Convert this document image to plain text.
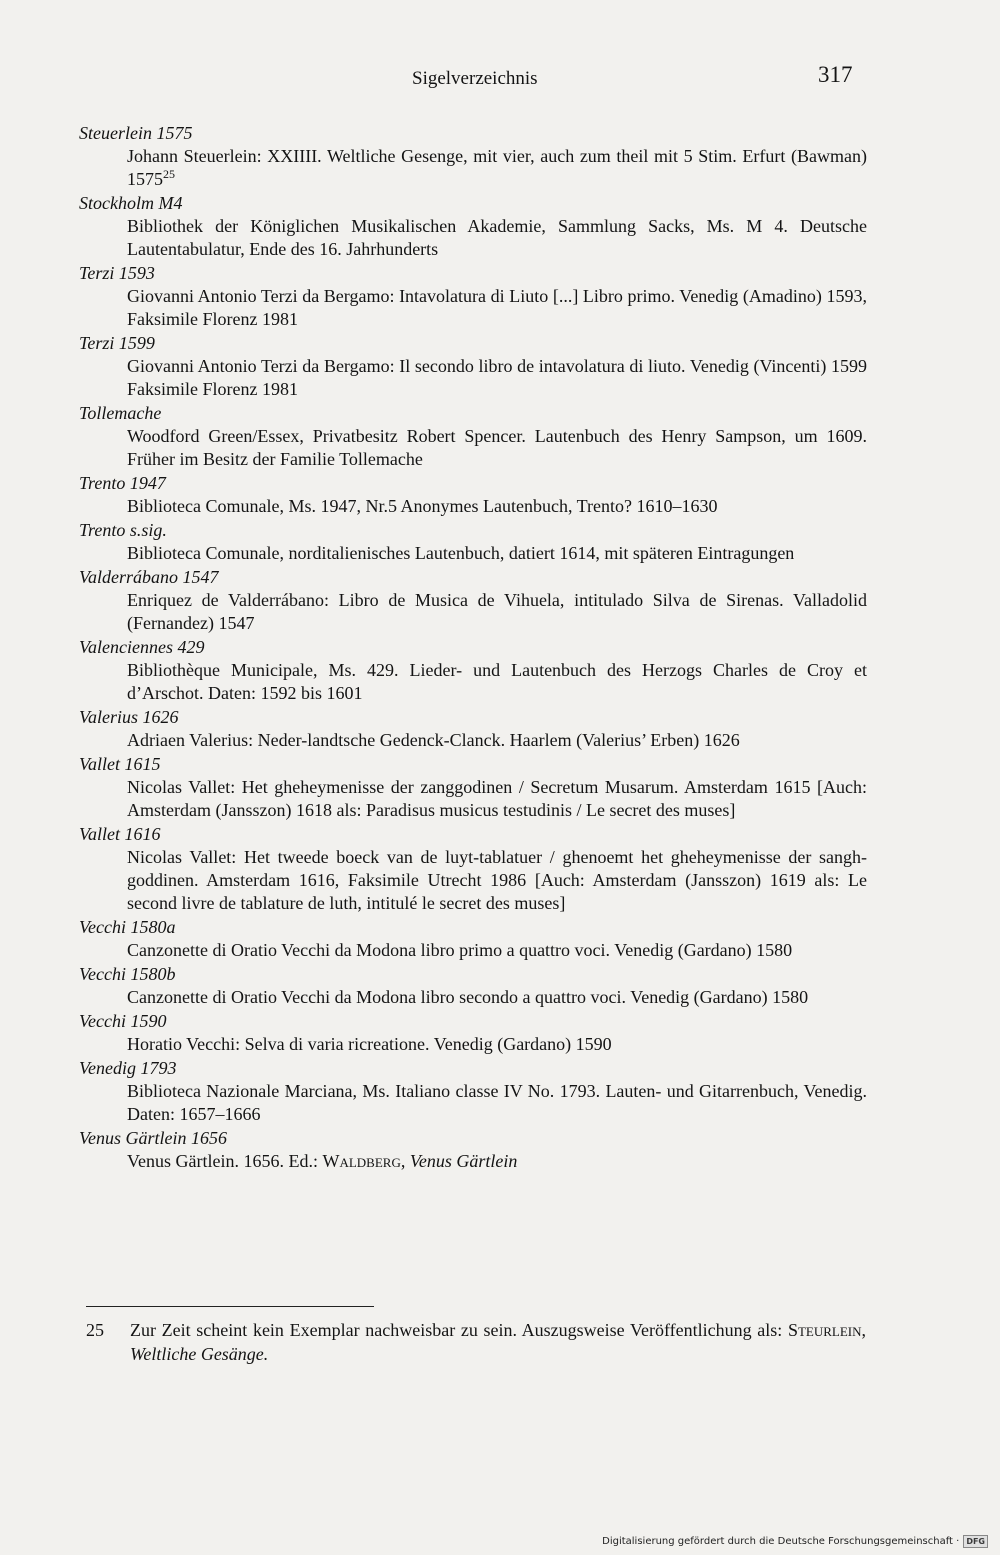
Sigelverzeichnis	317
Steuerlein 1575
Johann Steuerlein: XXIIII. Weltliche Gesenge, mit vier, auch zum theil mit 5 Stim. Erfurt (Bawman) 1575$^{25}$
Stockholm M4
Bibliothek der Königlichen Musikalischen Akademie, Sammlung Sacks, Ms. M 4. Deutsche Lautentabulatur, Ende des 16. Jahrhunderts
Terzi 1593
Giovanni Antonio Terzi da Bergamo: Intavolatura di Liuto [...] Libro primo. Venedig (Amadino) 1593, Faksimile Florenz 1981
Terzi 1599
Giovanni Antonio Terzi da Bergamo: Il secondo libro de intavolatura di liuto. Venedig (Vincenti) 1599 Faksimile Florenz 1981
Tollemache
Woodford Green/Essex, Privatbesitz Robert Spencer. Lautenbuch des Henry Sampson, um 1609. Früher im Besitz der Familie Tollemache
Trento 1947
Biblioteca Comunale, Ms. 1947, Nr.5 Anonymes Lautenbuch, Trento? 1610–1630
Trento s.sig.
Biblioteca Comunale, norditalienisches Lautenbuch, datiert 1614, mit späteren Eintragungen
Valderrábano 1547
Enriquez de Valderrábano: Libro de Musica de Vihuela, intitulado Silva de Sirenas. Valladolid (Fernandez) 1547
Valenciennes 429
Bibliothèque Municipale, Ms. 429. Lieder- und Lautenbuch des Herzogs Charles de Croy et d’Arschot. Daten: 1592 bis 1601
Valerius 1626
Adriaen Valerius: Neder-landtsche Gedenck-Clanck. Haarlem (Valerius’ Erben) 1626
Vallet 1615
Nicolas Vallet: Het gheheymenisse der zanggodinen / Secretum Musarum. Amsterdam 1615 [Auch: Amsterdam (Jansszon) 1618 als: Paradisus musicus testudinis / Le secret des muses]
Vallet 1616
Nicolas Vallet: Het tweede boeck van de luyt-tablatuer / ghenoemt het gheheymenisse der sangh-goddinen. Amsterdam 1616, Faksimile Utrecht 1986 [Auch: Amsterdam (Jansszon) 1619 als: Le second livre de tablature de luth, intitulé le secret des muses]
Vecchi 1580a
Canzonette di Oratio Vecchi da Modona libro primo a quattro voci. Venedig (Gardano) 1580
Vecchi 1580b
Canzonette di Oratio Vecchi da Modona libro secondo a quattro voci. Venedig (Gardano) 1580
Vecchi 1590
Horatio Vecchi: Selva di varia ricreatione. Venedig (Gardano) 1590
Venedig 1793
Biblioteca Nazionale Marciana, Ms. Italiano classe IV No. 1793. Lauten- und Gitarrenbuch, Venedig. Daten: 1657–1666
Venus Gärtlein 1656
Venus Gärtlein. 1656. Ed.: Waldberg, Venus Gärtlein
25 Zur Zeit scheint kein Exemplar nachweisbar zu sein. Auszugsweise Veröffentlichung als: Steurlein, Weltliche Gesänge.
Digitalisierung gefördert durch die Deutsche Forschungsgemeinschaft · DFG
